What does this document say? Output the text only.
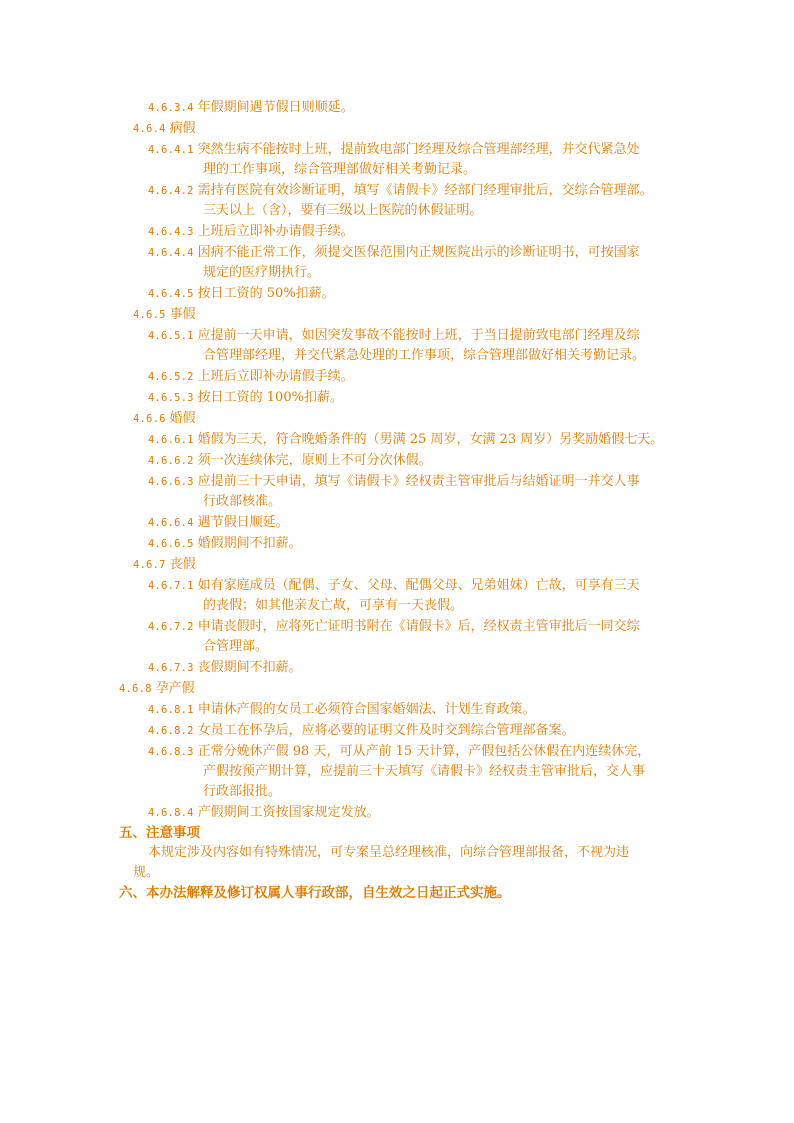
4.6.3.4 年假期间遇节假日则顺延。
4.6.4 病假
4.6.4.1 突然生病不能按时上班，提前致电部门经理及综合管理部经理，并交代紧急处
理的工作事项，综合管理部做好相关考勤记录。
4.6.4.2 需持有医院有效诊断证明，填写《请假卡》经部门经理审批后，交综合管理部。
三天以上（含），要有三级以上医院的休假证明。
4.6.4.3 上班后立即补办请假手续。
4.6.4.4 因病不能正常工作，须提交医保范围内正规医院出示的诊断证明书，可按国家
规定的医疗期执行。
4.6.4.5 按日工资的 50%扣薪。
4.6.5 事假
4.6.5.1 应提前一天申请，如因突发事故不能按时上班，于当日提前致电部门经理及综
合管理部经理，并交代紧急处理的工作事项，综合管理部做好相关考勤记录。
4.6.5.2 上班后立即补办请假手续。
4.6.5.3 按日工资的 100%扣薪。
4.6.6 婚假
4.6.6.1 婚假为三天，符合晚婚条件的（男满 25 周岁，女满 23 周岁）另奖励婚假七天。
4.6.6.2 须一次连续休完，原则上不可分次休假。
4.6.6.3 应提前三十天申请，填写《请假卡》经权责主管审批后与结婚证明一并交人事
行政部核准。
4.6.6.4 遇节假日顺延。
4.6.6.5 婚假期间不扣薪。
4.6.7 丧假
4.6.7.1 如有家庭成员（配偶、子女、父母、配偶父母、兄弟姐妹）亡故，可享有三天
的丧假；如其他亲友亡故，可享有一天丧假。
4.6.7.2 申请丧假时，应将死亡证明书附在《请假卡》后，经权责主管审批后一同交综
合管理部。
4.6.7.3 丧假期间不扣薪。
4.6.8 孕产假
4.6.8.1 申请休产假的女员工必须符合国家婚姻法、计划生育政策。
4.6.8.2 女员工在怀孕后，应将必要的证明文件及时交到综合管理部备案。
4.6.8.3 正常分娩休产假 98 天，可从产前 15 天计算，产假包括公休假在内连续休完，
产假按预产期计算，应提前三十天填写《请假卡》经权责主管审批后，交人事
行政部报批。
4.6.8.4 产假期间工资按国家规定发放。
五、注意事项
本规定涉及内容如有特殊情况，可专案呈总经理核准，向综合管理部报备，不视为违
规。
六、本办法解释及修订权属人事行政部，自生效之日起正式实施。
